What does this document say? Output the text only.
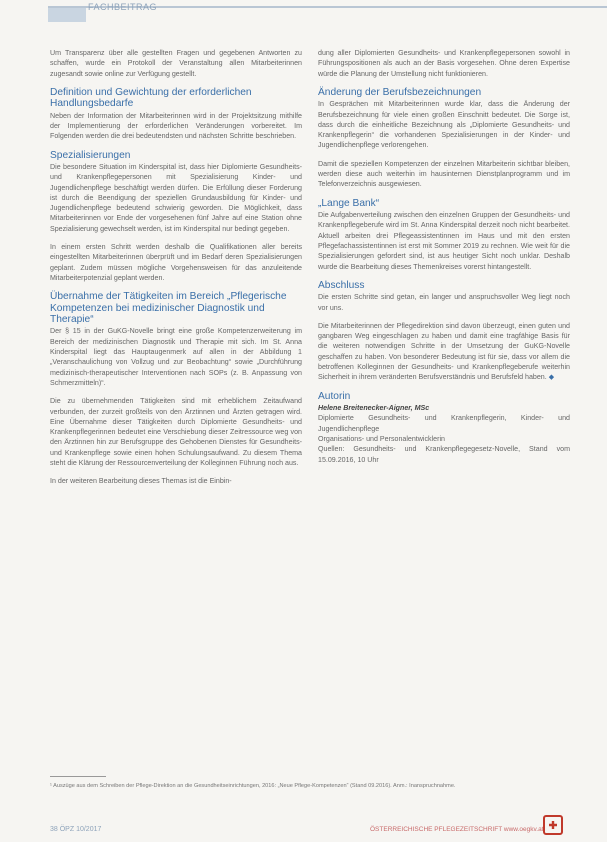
FACHBEITRAG

Um Transparenz über alle gestellten Fragen und gegebenen Antworten zu schaffen, wurde ein Protokoll der Veranstaltung allen Mitarbeiterinnen zugesandt sowie online zur Verfügung gestellt.

Definition und Gewichtung der erforderlichen Handlungsbedarfe

Neben der Information der Mitarbeiterinnen wird in der Projektsitzung mithilfe der Implementierung der erforderlichen Veränderungen vorbereitet. Im Folgenden werden die drei bedeutendsten und nächsten Schritte beschrieben.

Spezialisierungen

Die besondere Situation im Kinderspital ist, dass hier Diplomierte Gesundheits- und Krankenpflegepersonen mit Spezialisierung Kinder- und Jugendlichenpflege beschäftigt werden dürfen. Die Erfüllung dieser Forderung ist durch die Beendigung der speziellen Grundausbildung für Kinder- und Jugendlichenpflege bedeutend schwierig geworden. Die Möglichkeit, dass Mitarbeiterinnen vor Ende der vorgesehenen fünf Jahre auf eine Station ohne Spezialisierung gewechselt werden, ist im Kinderspital nur bedingt gegeben.

In einem ersten Schritt werden deshalb die Qualifikationen aller bereits eingestellten Mitarbeiterinnen überprüft und im Bedarf deren Spezialisierungen geplant. Zudem müssen mögliche Vorgehensweisen für das anzuleitende Mitarbeiterpotenzial geplant werden.

Übernahme der Tätigkeiten im Bereich „Pflegerische Kompetenzen bei medizinischer Diagnostik und Therapie“

Der § 15 in der GuKG-Novelle bringt eine große Kompetenzerweiterung im Bereich der medizinischen Diagnostik und Therapie mit sich. Im St. Anna Kinderspital liegt das Hauptaugenmerk auf allen in der Abbildung 1 „Veranschaulichung von Vollzug und zur Beobachtung“ sowie „Durchführung medizinisch-therapeutischer Interventionen nach SOPs (z. B. Anpassung von Schmerzmitteln)“.

Die zu übernehmenden Tätigkeiten sind mit erheblichem Zeitaufwand verbunden, der zurzeit großteils von den Ärztinnen und Ärzten getragen wird. Eine Übernahme dieser Tätigkeiten durch Diplomierte Gesundheits- und Krankenpflegerinnen bedeutet eine Verschiebung dieser Zeitressource weg von den Ärztinnen hin zur Berufsgruppe des Gehobenen Dienstes für Gesundheits- und Krankenpflege sowie einen hohen Schulungsaufwand. Zu diesem Thema steht die Klärung der Ressourcenverteilung der Kolleginnen Führung noch aus.

In der weiteren Bearbeitung dieses Themas ist die Einbin-

dung aller Diplomierten Gesundheits- und Krankenpflegepersonen sowohl in Führungspositionen als auch an der Basis vorgesehen. Ohne deren Expertise würde die Planung der Umstellung nicht funktionieren.

Änderung der Berufsbezeichnungen

In Gesprächen mit Mitarbeiterinnen wurde klar, dass die Änderung der Berufsbezeichnung für viele einen großen Einschnitt bedeutet. Die Sorge ist, dass durch die einheitliche Bezeichnung als „Diplomierte Gesundheits- und Krankenpflegerin“ die vorhandenen Spezialisierungen in der Kinder- und Jugendlichenpflege verlorengehen.

Damit die speziellen Kompetenzen der einzelnen Mitarbeiterin sichtbar bleiben, werden diese auch weiterhin im hausinternen Dienstplanprogramm und im Telefonverzeichnis ausgewiesen.

„Lange Bank“

Die Aufgabenverteilung zwischen den einzelnen Gruppen der Gesundheits- und Krankenpflegeberufe wird im St. Anna Kinderspital derzeit noch nicht bearbeitet. Aktuell arbeiten drei Pflegeassistentinnen im Haus und mit den ersten Pflegefachassistentinnen ist erst mit Sommer 2019 zu rechnen. Wie weit für die Spezialisierungen gefordert sind, ist aus heutiger Sicht noch unklar. Deshalb wurde die Bearbeitung dieses Themenkreises vorerst hintangestellt.

Abschluss

Die ersten Schritte sind getan, ein langer und anspruchsvoller Weg liegt noch vor uns.

Die Mitarbeiterinnen der Pflegedirektion sind davon überzeugt, einen guten und gangbaren Weg eingeschlagen zu haben und damit eine tragfähige Basis für die weiteren notwendigen Schritte in der Umsetzung der GuKG-Novelle geschaffen zu haben. Von besonderer Bedeutung ist für sie, dass vor allem die betroffenen Kolleginnen der Gesundheits- und Krankenpflegeberufe weiterhin Sicherheit in ihrem veränderten Berufsverständnis und Berufsfeld haben. ◆

Autorin

Helene Breitenecker-Aigner, MSc

Diplomierte Gesundheits- und Krankenpflegerin, Kinder- und Jugendlichenpflege

Organisations- und Personalentwicklerin

Quellen: Gesundheits- und Krankenpflegegesetz-Novelle, Stand vom 15.09.2016, 10 Uhr

¹ Auszüge aus dem Schreiben der Pflege-Direktion an die Gesundheitseinrichtungen, 2016: „Neue Pflege-Kompetenzen“ (Stand 09.2016). Anm.: Inanspruchnahme.
38 ÖPZ 10/2017	ÖSTERREICHISCHE PFLEGEZEITSCHRIFT www.oegkv.at
